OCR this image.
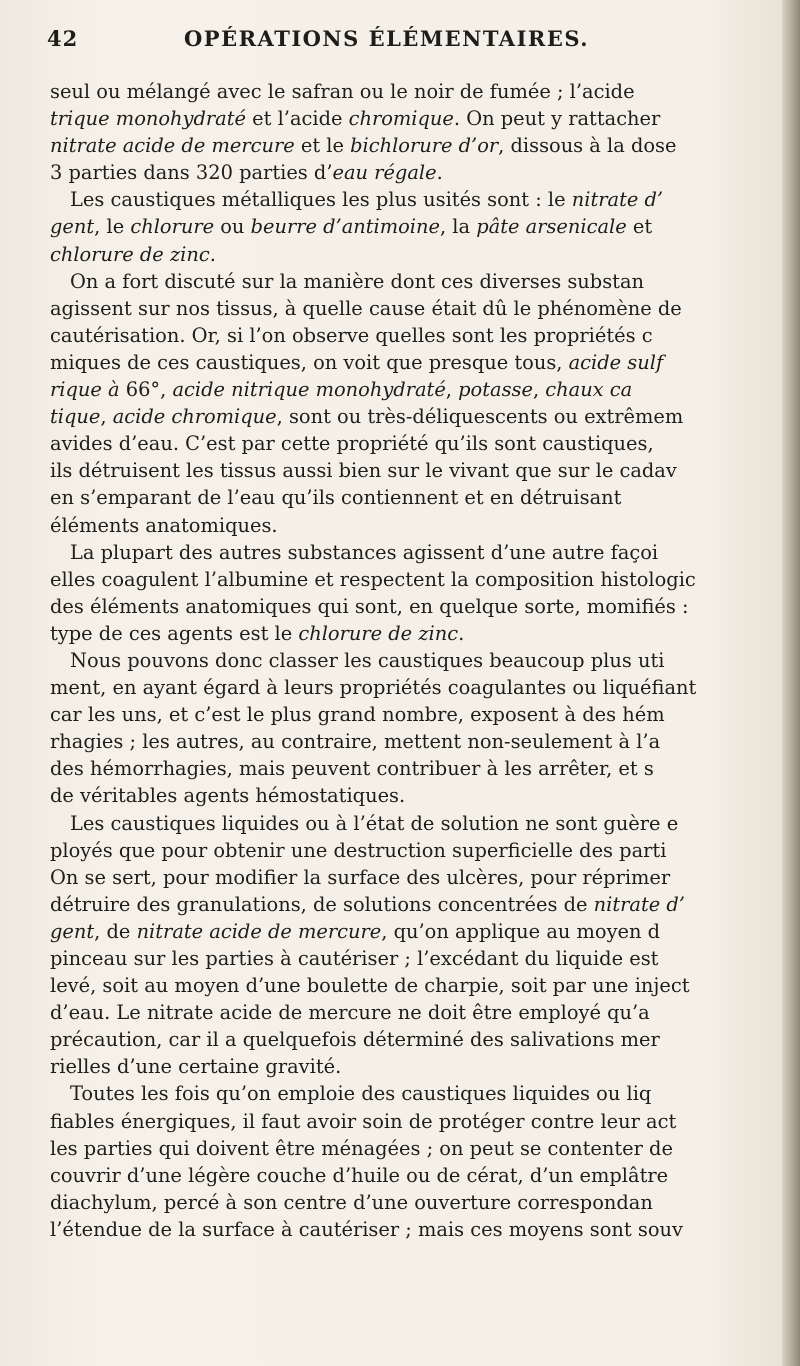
42	OPÉRATIONS ÉLÉMENTAIRES.
seul ou mélangé avec le safran ou le noir de fumée ; l’acide
trique monohydraté et l’acide chromique. On peut y rattacher
nitrate acide de mercure et le bichlorure d’or, dissous à la dose
3 parties dans 320 parties d’eau régale.
Les caustiques métalliques les plus usités sont : le nitrate d’
gent, le chlorure ou beurre d’antimoine, la pâte arsenicale et
chlorure de zinc.
On a fort discuté sur la manière dont ces diverses substan
agissent sur nos tissus, à quelle cause était dû le phénomène de
cautérisation. Or, si l’on observe quelles sont les propriétés c
miques de ces caustiques, on voit que presque tous, acide sulf
rique à 66°, acide nitrique monohydraté, potasse, chaux ca
tique, acide chromique, sont ou très-déliquescents ou extrêmem
avides d’eau. C’est par cette propriété qu’ils sont caustiques,
ils détruisent les tissus aussi bien sur le vivant que sur le cadav
en s’emparant de l’eau qu’ils contiennent et en détruisant
éléments anatomiques.
La plupart des autres substances agissent d’une autre façoi
elles coagulent l’albumine et respectent la composition histologic
des éléments anatomiques qui sont, en quelque sorte, momifiés :
type de ces agents est le chlorure de zinc.
Nous pouvons donc classer les caustiques beaucoup plus uti
ment, en ayant égard à leurs propriétés coagulantes ou liquéfiant
car les uns, et c’est le plus grand nombre, exposent à des hém
rhagies ; les autres, au contraire, mettent non-seulement à l’a
des hémorrhagies, mais peuvent contribuer à les arrêter, et s
de véritables agents hémostatiques.
Les caustiques liquides ou à l’état de solution ne sont guère e
ployés que pour obtenir une destruction superficielle des parti
On se sert, pour modifier la surface des ulcères, pour réprimer
détruire des granulations, de solutions concentrées de nitrate d’
gent, de nitrate acide de mercure, qu’on applique au moyen d
pinceau sur les parties à cautériser ; l’excédant du liquide est
levé, soit au moyen d’une boulette de charpie, soit par une inject
d’eau. Le nitrate acide de mercure ne doit être employé qu’a
précaution, car il a quelquefois déterminé des salivations mer
rielles d’une certaine gravité.
Toutes les fois qu’on emploie des caustiques liquides ou liq
fiables énergiques, il faut avoir soin de protéger contre leur act
les parties qui doivent être ménagées ; on peut se contenter de
couvrir d’une légère couche d’huile ou de cérat, d’un emplâtre
diachylum, percé à son centre d’une ouverture correspondan
l’étendue de la surface à cautériser ; mais ces moyens sont souv
